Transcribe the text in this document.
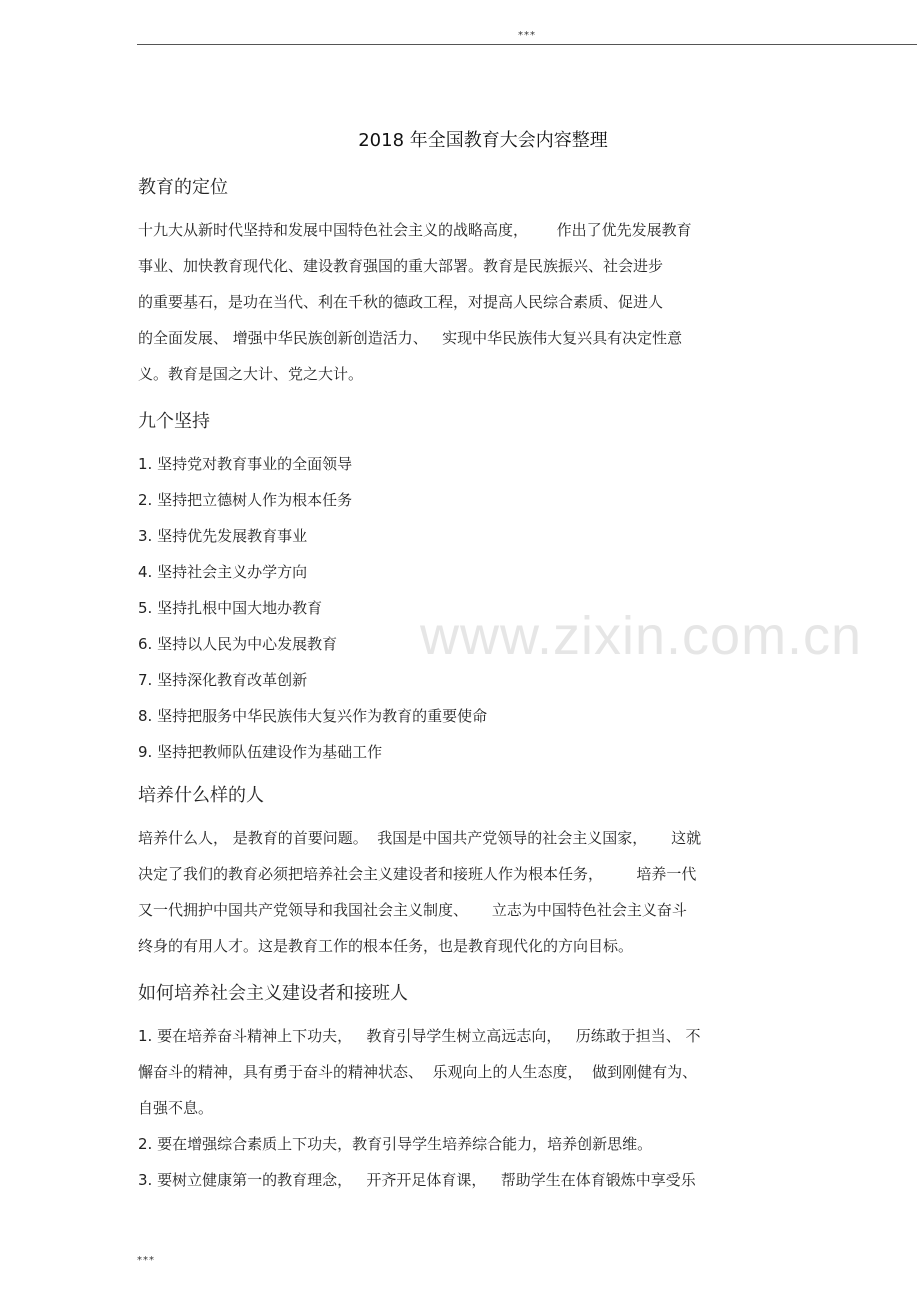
***
www.zixin.com.cn
2018 年全国教育大会内容整理
教育的定位
十九大从新时代坚持和发展中国特色社会主义的战略高度，      作出了优先发展教育
事业、加快教育现代化、建设教育强国的重大部署。教育是民族振兴、社会进步
的重要基石，是功在当代、利在千秋的德政工程，对提高人民综合素质、促进人
的全面发展、 增强中华民族创新创造活力、   实现中华民族伟大复兴具有决定性意
义。教育是国之大计、党之大计。
九个坚持
1. 坚持党对教育事业的全面领导
2. 坚持把立德树人作为根本任务
3. 坚持优先发展教育事业
4. 坚持社会主义办学方向
5. 坚持扎根中国大地办教育
6. 坚持以人民为中心发展教育
7. 坚持深化教育改革创新
8. 坚持把服务中华民族伟大复兴作为教育的重要使命
9. 坚持把教师队伍建设作为基础工作
培养什么样的人
培养什么人， 是教育的首要问题。  我国是中国共产党领导的社会主义国家，     这就
决定了我们的教育必须把培养社会主义建设者和接班人作为根本任务，       培养一代
又一代拥护中国共产党领导和我国社会主义制度、     立志为中国特色社会主义奋斗
终身的有用人才。这是教育工作的根本任务，也是教育现代化的方向目标。
如何培养社会主义建设者和接班人
1. 要在培养奋斗精神上下功夫，   教育引导学生树立高远志向，   历练敢于担当、 不
懈奋斗的精神，具有勇于奋斗的精神状态、  乐观向上的人生态度，  做到刚健有为、
自强不息。
2. 要在增强综合素质上下功夫，教育引导学生培养综合能力，培养创新思维。
3. 要树立健康第一的教育理念，   开齐开足体育课，   帮助学生在体育锻炼中享受乐
***
